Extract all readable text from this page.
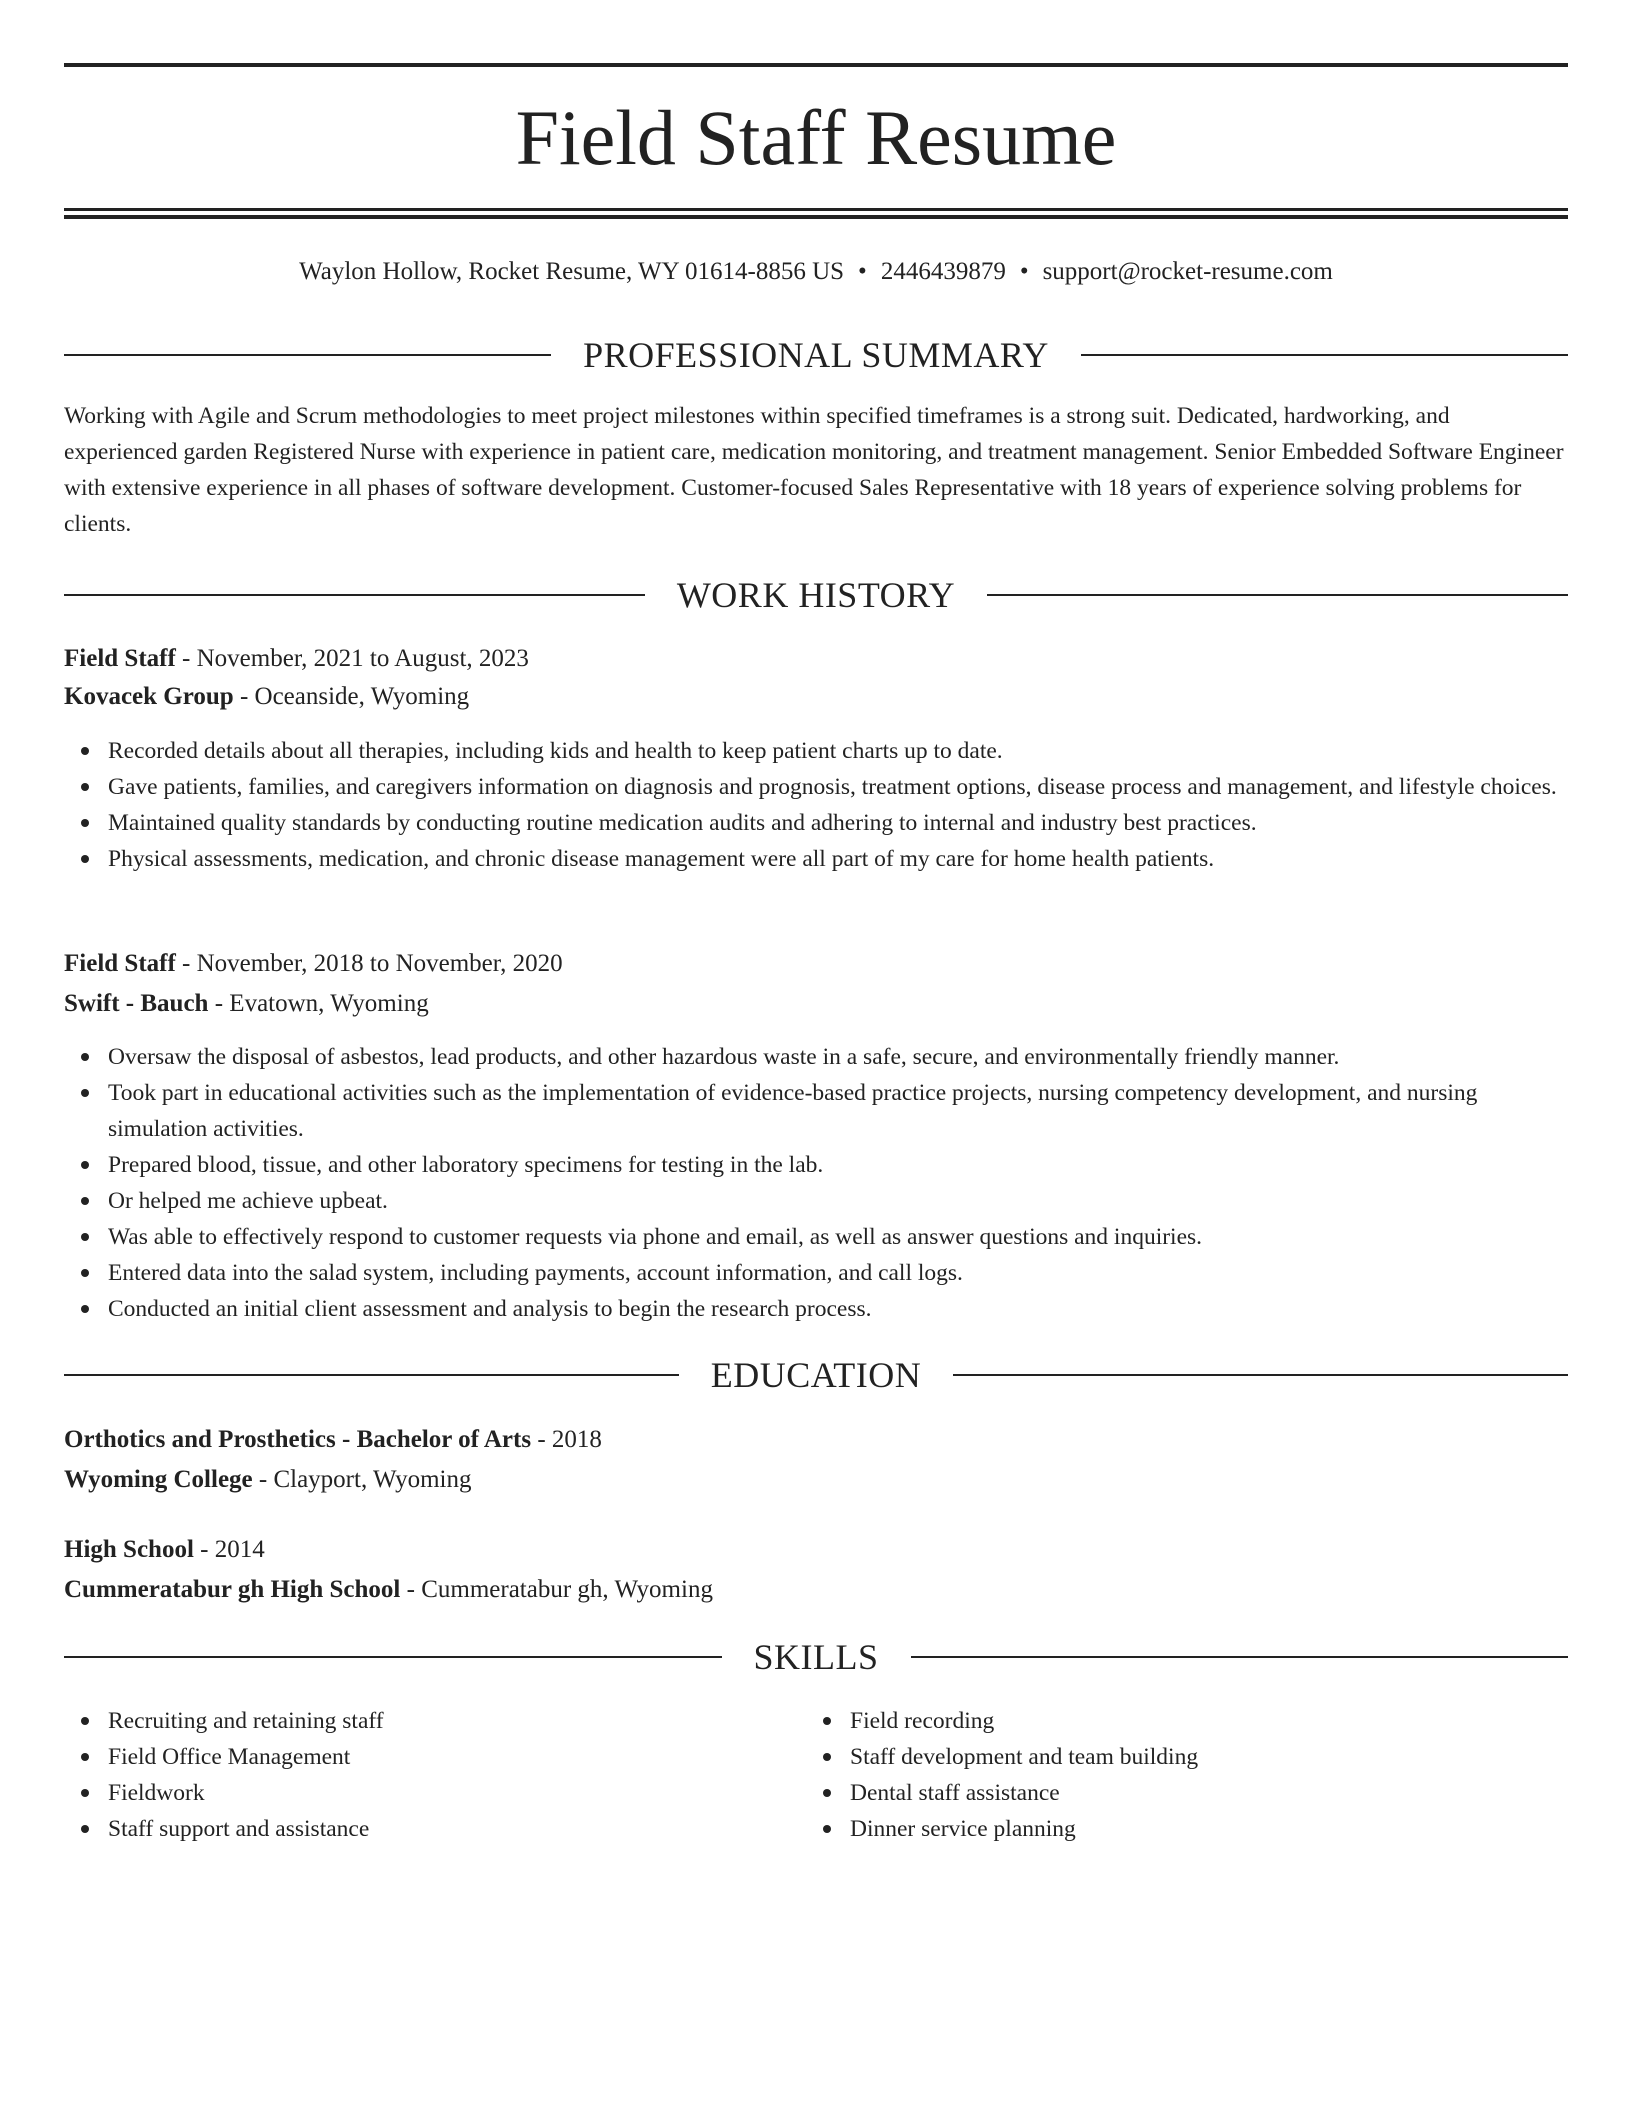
Field Staff Resume
Waylon Hollow, Rocket Resume, WY 01614-8856 US • 2446439879 • support@rocket-resume.com
PROFESSIONAL SUMMARY

Working with Agile and Scrum methodologies to meet project milestones within specified timeframes is a strong suit. Dedicated, hardworking, and experienced garden Registered Nurse with experience in patient care, medication monitoring, and treatment management. Senior Embedded Software Engineer with extensive experience in all phases of software development. Customer-focused Sales Representative with 18 years of experience solving problems for clients.

WORK HISTORY
Field Staff - November, 2021 to August, 2023
Kovacek Group - Oceanside, Wyoming
Recorded details about all therapies, including kids and health to keep patient charts up to date.
Gave patients, families, and caregivers information on diagnosis and prognosis, treatment options, disease process and management, and lifestyle choices.
Maintained quality standards by conducting routine medication audits and adhering to internal and industry best practices.
Physical assessments, medication, and chronic disease management were all part of my care for home health patients.
Field Staff - November, 2018 to November, 2020
Swift - Bauch - Evatown, Wyoming
Oversaw the disposal of asbestos, lead products, and other hazardous waste in a safe, secure, and environmentally friendly manner.
Took part in educational activities such as the implementation of evidence-based practice projects, nursing competency development, and nursing simulation activities.
Prepared blood, tissue, and other laboratory specimens for testing in the lab.
Or helped me achieve upbeat.
Was able to effectively respond to customer requests via phone and email, as well as answer questions and inquiries.
Entered data into the salad system, including payments, account information, and call logs.
Conducted an initial client assessment and analysis to begin the research process.
EDUCATION
Orthotics and Prosthetics - Bachelor of Arts - 2018
Wyoming College - Clayport, Wyoming
High School - 2014
Cummeratabur gh High School - Cummeratabur gh, Wyoming
SKILLS
Recruiting and retaining staff
Field Office Management
Fieldwork
Staff support and assistance
Field recording
Staff development and team building
Dental staff assistance
Dinner service planning
